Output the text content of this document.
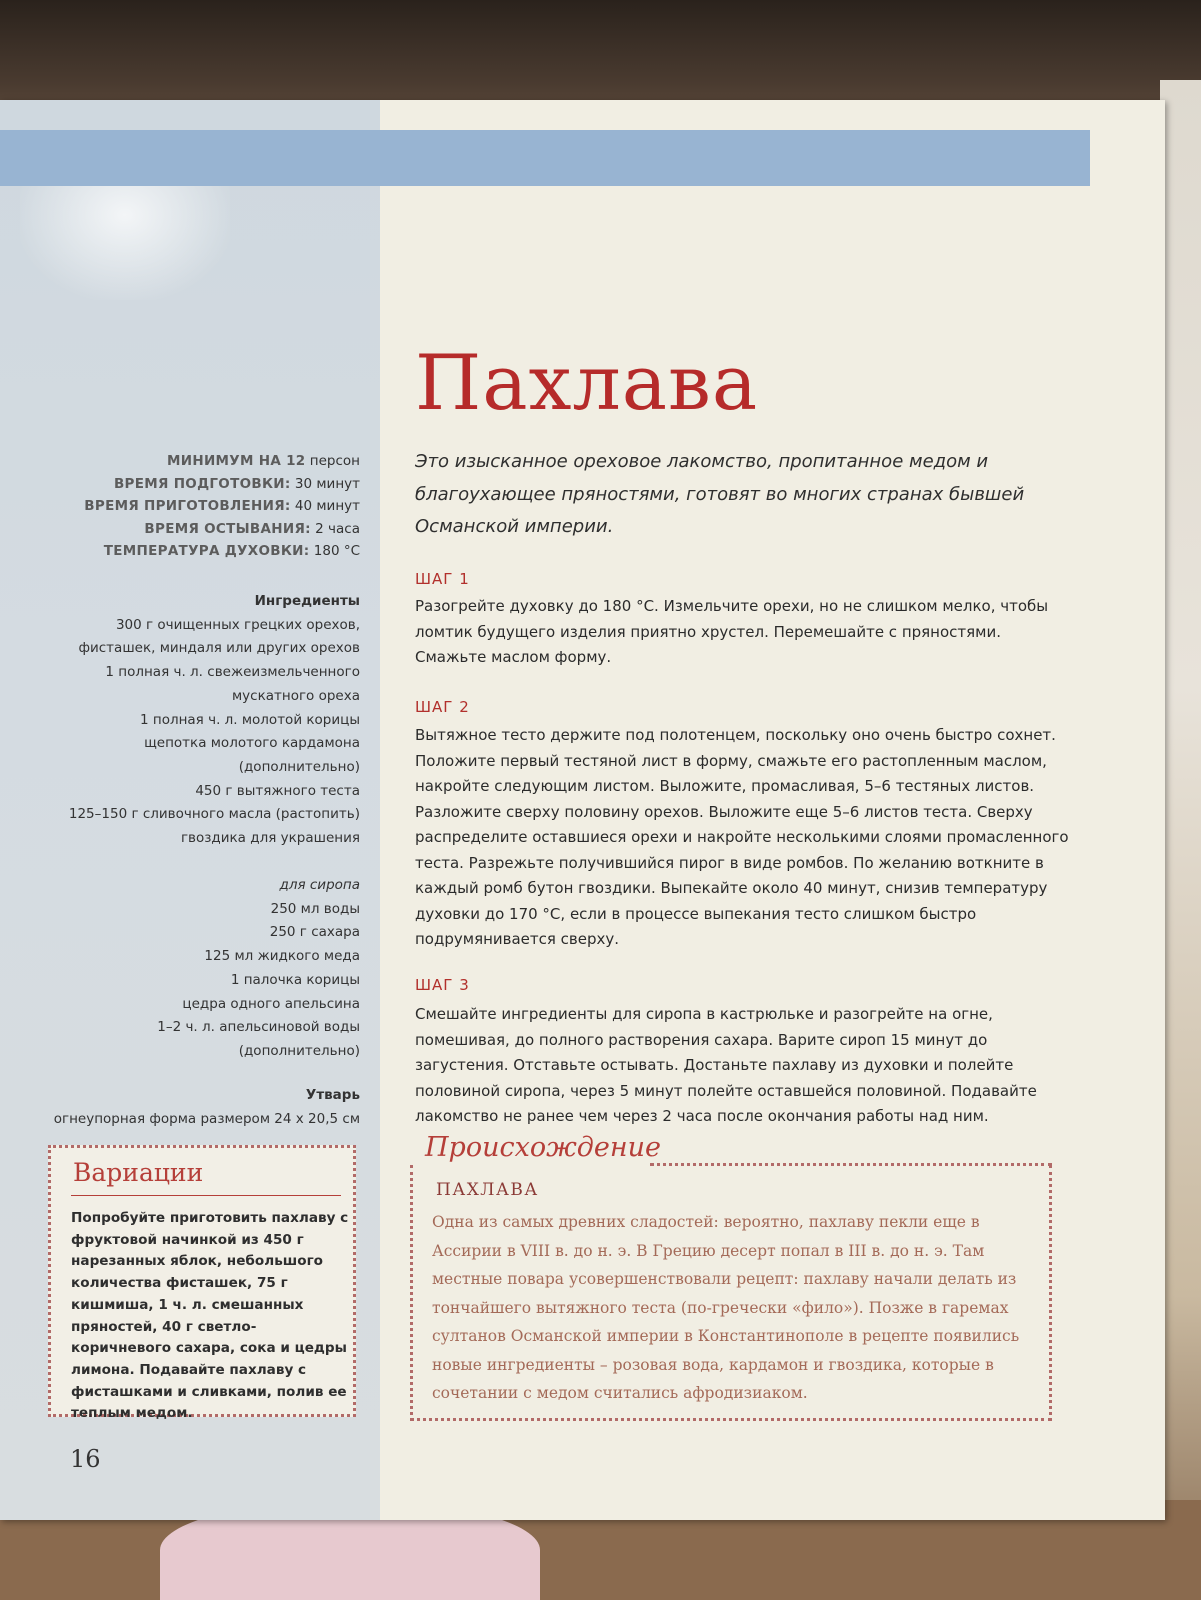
МИНИМУМ НА 12 персон
ВРЕМЯ ПОДГОТОВКИ: 30 минут
ВРЕМЯ ПРИГОТОВЛЕНИЯ: 40 минут
ВРЕМЯ ОСТЫВАНИЯ: 2 часа
ТЕМПЕРАТУРА ДУХОВКИ: 180 °С
Ингредиенты
300 г очищенных грецких орехов,
фисташек, миндаля или других орехов
1 полная ч. л. свежеизмельченного
мускатного ореха
1 полная ч. л. молотой корицы
щепотка молотого кардамона
(дополнительно)
450 г вытяжного теста
125–150 г сливочного масла (растопить)
гвоздика для украшения
для сиропа
250 мл воды
250 г сахара
125 мл жидкого меда
1 палочка корицы
цедра одного апельсина
1–2 ч. л. апельсиновой воды
(дополнительно)
Утварь
огнеупорная форма размером 24 х 20,5 см
Вариации
Попробуйте приготовить пахлаву с фруктовой начинкой из 450 г нарезанных яблок, небольшого количества фисташек, 75 г кишмиша, 1 ч. л. смешанных пряностей, 40 г светло-коричневого сахара, сока и цедры лимона. Подавайте пахлаву с фисташками и сливками, полив ее теплым медом.
16
Пахлава
Это изысканное ореховое лакомство, пропитанное медом и благоухающее пряностями, готовят во многих странах бывшей Османской империи.
ШАГ 1
Разогрейте духовку до 180 °С. Измельчите орехи, но не слишком мелко, чтобы ломтик будущего изделия приятно хрустел. Перемешайте с пряностями. Смажьте маслом форму.
ШАГ 2
Вытяжное тесто держите под полотенцем, поскольку оно очень быстро сохнет. Положите первый тестяной лист в форму, смажьте его растопленным маслом, накройте следующим листом. Выложите, промасливая, 5–6 тестяных листов. Разложите сверху половину орехов. Выложите еще 5–6 листов теста. Сверху распределите оставшиеся орехи и накройте несколькими слоями промасленного теста. Разрежьте получившийся пирог в виде ромбов. По желанию воткните в каждый ромб бутон гвоздики. Выпекайте около 40 минут, снизив температуру духовки до 170 °С, если в процессе выпекания тесто слишком быстро подрумянивается сверху.
ШАГ 3
Смешайте ингредиенты для сиропа в кастрюльке и разогрейте на огне, помешивая, до полного растворения сахара. Варите сироп 15 минут до загустения. Отставьте остывать. Достаньте пахлаву из духовки и полейте половиной сиропа, через 5 минут полейте оставшейся половиной. Подавайте лакомство не ранее чем через 2 часа после окончания работы над ним.
Происхождение
ПАХЛАВА
Одна из самых древних сладостей: вероятно, пахлаву пекли еще в Ассирии в VIII в. до н. э. В Грецию десерт попал в III в. до н. э. Там местные повара усовершенствовали рецепт: пахлаву начали делать из тончайшего вытяжного теста (по-гречески «фило»). Позже в гаремах султанов Османской империи в Константинополе в рецепте появились новые ингредиенты – розовая вода, кардамон и гвоздика, которые в сочетании с медом считались афродизиаком.
